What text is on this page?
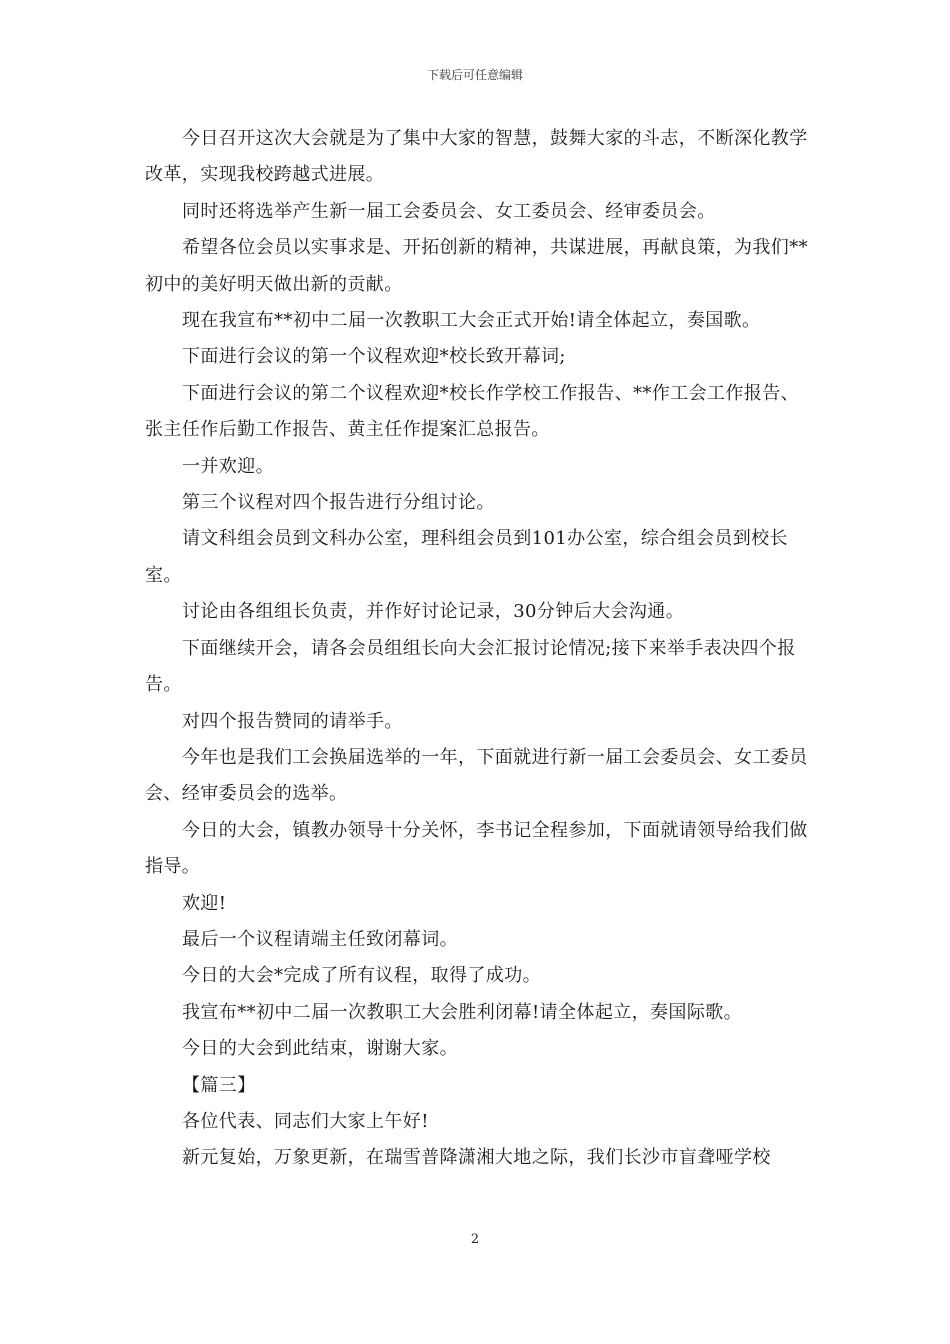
下载后可任意编辑

今日召开这次大会就是为了集中大家的智慧，鼓舞大家的斗志，不断深化教学改革，实现我校跨越式进展。

同时还将选举产生新一届工会委员会、女工委员会、经审委员会。

希望各位会员以实事求是、开拓创新的精神，共谋进展，再献良策，为我们**初中的美好明天做出新的贡献。

现在我宣布**初中二届一次教职工大会正式开始!请全体起立，奏国歌。

下面进行会议的第一个议程欢迎*校长致开幕词;

下面进行会议的第二个议程欢迎*校长作学校工作报告、**作工会工作报告、张主任作后勤工作报告、黄主任作提案汇总报告。

一并欢迎。

第三个议程对四个报告进行分组讨论。

请文科组会员到文科办公室，理科组会员到101办公室，综合组会员到校长室。

讨论由各组组长负责，并作好讨论记录，30分钟后大会沟通。

下面继续开会，请各会员组组长向大会汇报讨论情况;接下来举手表决四个报告。

对四个报告赞同的请举手。

今年也是我们工会换届选举的一年，下面就进行新一届工会委员会、女工委员会、经审委员会的选举。

今日的大会，镇教办领导十分关怀，李书记全程参加，下面就请领导给我们做指导。

欢迎!

最后一个议程请端主任致闭幕词。

今日的大会*完成了所有议程，取得了成功。

我宣布**初中二届一次教职工大会胜利闭幕!请全体起立，奏国际歌。

今日的大会到此结束，谢谢大家。

【篇三】

各位代表、同志们大家上午好!

新元复始，万象更新，在瑞雪普降潇湘大地之际，我们长沙市盲聋哑学校

2
